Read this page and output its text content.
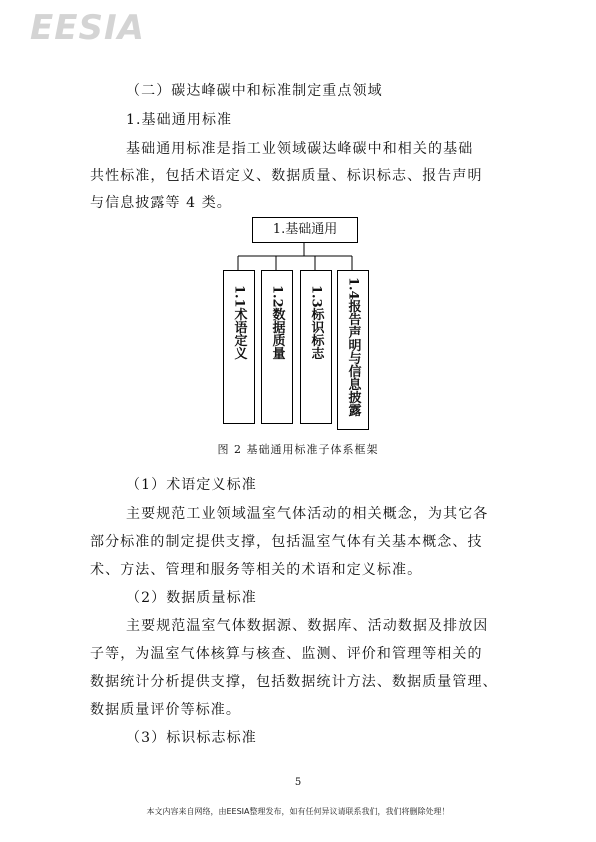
EESIA
（二）碳达峰碳中和标准制定重点领域
1.基础通用标准
基础通用标准是指工业领域碳达峰碳中和相关的基础
共性标准，包括术语定义、数据质量、标识标志、报告声明
与信息披露等 4 类。
1.基础通用
1.1术语定义 1.2数据质量 1.3标识标志 1.4报告声明与信息披露
图 2 基础通用标准子体系框架
（1）术语定义标准
主要规范工业领域温室气体活动的相关概念，为其它各
部分标准的制定提供支撑，包括温室气体有关基本概念、技
术、方法、管理和服务等相关的术语和定义标准。
（2）数据质量标准
主要规范温室气体数据源、数据库、活动数据及排放因
子等，为温室气体核算与核查、监测、评价和管理等相关的
数据统计分析提供支撑，包括数据统计方法、数据质量管理、
数据质量评价等标准。
（3）标识标志标准
5
本文内容来自网络，由EESIA整理发布，如有任何异议请联系我们，我们将删除处理！
